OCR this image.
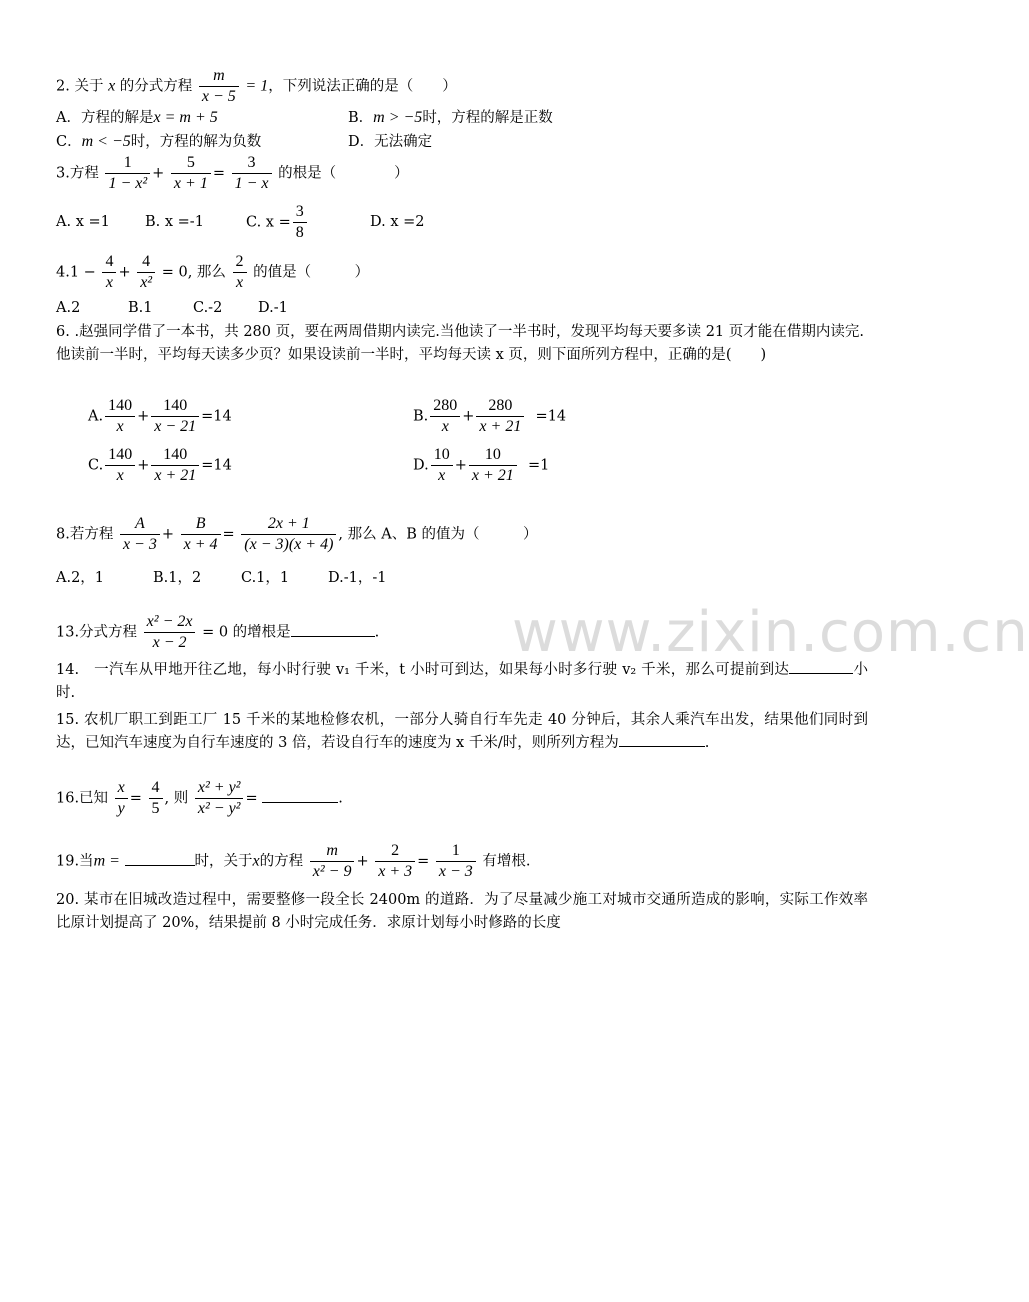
www.zixin.com.cn
2. 关于 x 的分式方程 $\frac{m}{x - 5} = 1$，下列说法正确的是（　　）
A．方程的解是x = m + 5	B．m > −5时，方程的解是正数
C．m < −5时，方程的解为负数	D．无法确定
3.方程 $\frac{1}{\text{1 − x²}} + \frac{5}{x + 1} = \frac{3}{1 - x}$ 的根是（　　　　）
A. x =1 B. x =-1	C. $x = \frac{3}{8}$	D. x =2
$4.1 - \frac{4}{x} + \frac{4}{\text{x²}} = 0$, 那么 $\frac{2}{x}$ 的值是（　　　）
A.2	B.1	C.-2 D.-1
6. .赵强同学借了一本书，共 280 页，要在两周借期内读完.当他读了一半书时，发现平均每天要多读 21 页才能在借期内读完.他读前一半时，平均每天读多少页？如果设读前一半时，平均每天读 x 页，则下面所列方程中，正确的是(　　)
A. $\frac{140}{x} + \frac{140}{x - 21} =14$	B. $\frac{280}{x} + \frac{280}{x + 21} =14$
C. $\frac{140}{x} + \frac{140}{x + 21} =14$	D. $\frac{10}{x} + \frac{10}{x + 21} =1$
8.若方程 $\frac{A}{x - 3} + \frac{B}{x + 4} = \frac{2x + 1}{(x - 3)(x + 4)}$ , 那么 A、B 的值为（　　　）
A.2，1	B.1，2	C.1，1	D.-1，-1
13.分式方程 $\frac{\text{x² − 2x}}{x - 2} = 0$ 的增根是	.
14.　一汽车从甲地开往乙地，每小时行驶 v₁ 千米，t 小时可到达，如果每小时多行驶 v₂ 千米，那么可提前到达	小时.
15. 农机厂职工到距工厂 15 千米的某地检修农机，一部分人骑自行车先走 40 分钟后，其余人乘汽车出发，结果他们同时到达，已知汽车速度为自行车速度的 3 倍，若设自行车的速度为 x 千米/时，则所列方程为	.
16.已知 $\frac{x}{y} = \frac{4}{5}$ , 则 $\frac{\text{x² + y²}}{\text{x² − y²}}$ =	.
19.当m =	时，关于x的方程 $\frac{m}{\text{x² − 9}} + \frac{2}{x + 3} = \frac{1}{x - 3}$ 有增根.
20. 某市在旧城改造过程中，需要整修一段全长 2400m 的道路．为了尽量减少施工对城市交通所造成的影响，实际工作效率比原计划提高了 20%，结果提前 8 小时完成任务．求原计划每小时修路的长度
